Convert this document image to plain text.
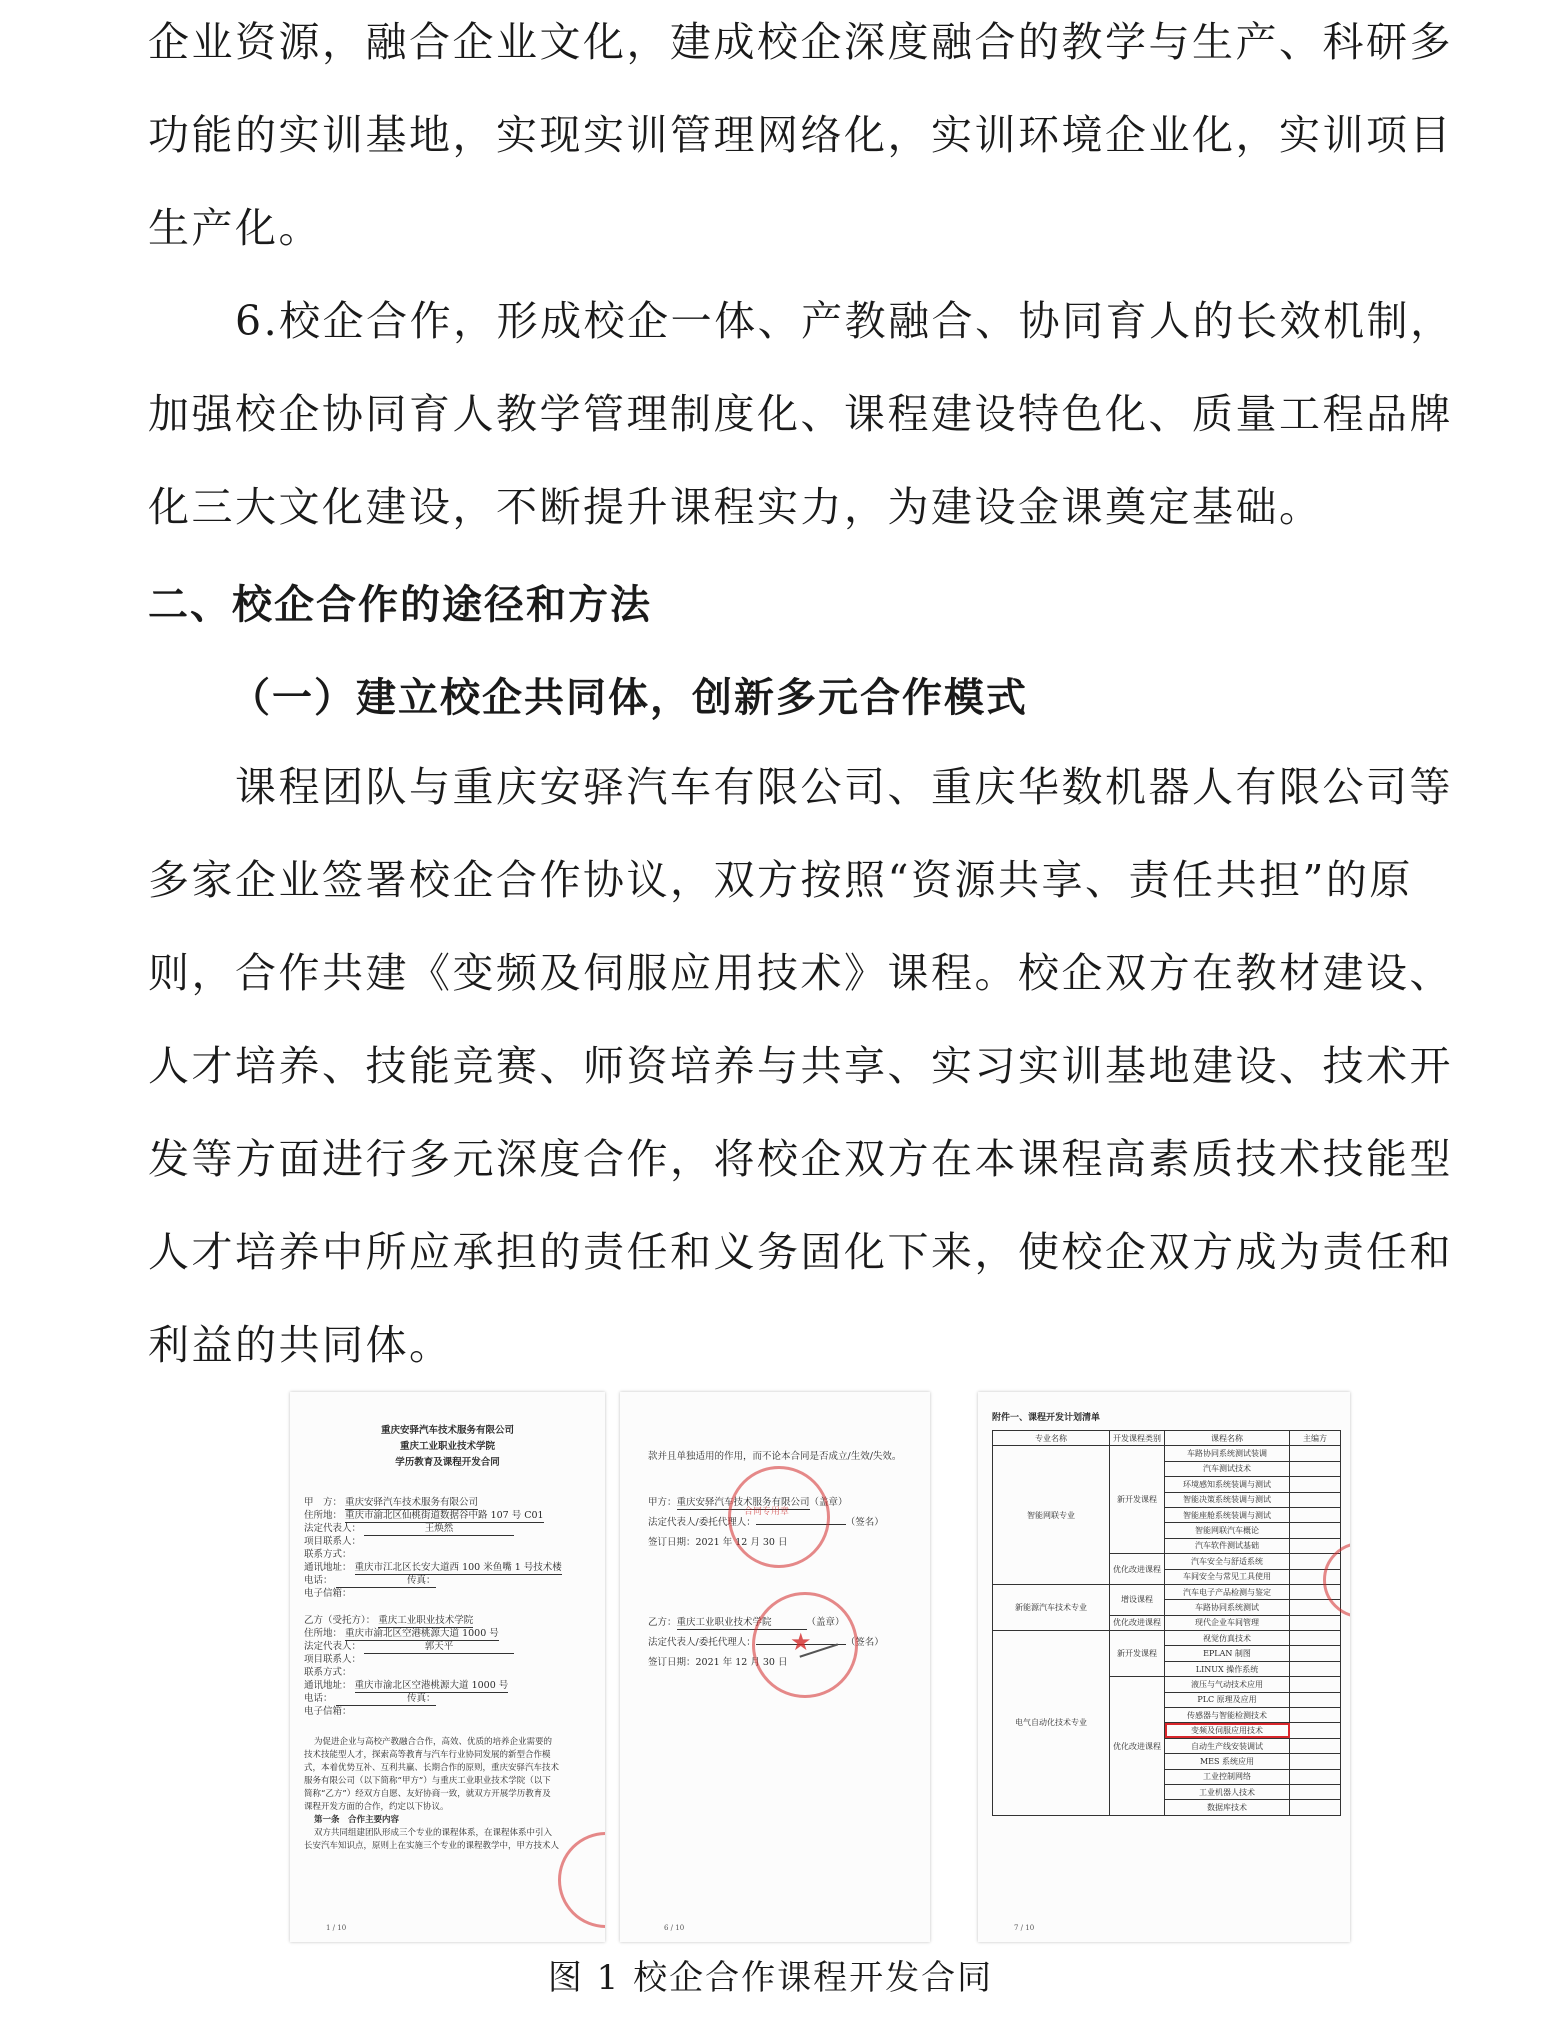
企业资源，融合企业文化，建成校企深度融合的教学与生产、科研多
功能的实训基地，实现实训管理网络化，实训环境企业化，实训项目
生产化。
　　6.校企合作，形成校企一体、产教融合、协同育人的长效机制，
加强校企协同育人教学管理制度化、课程建设特色化、质量工程品牌
化三大文化建设，不断提升课程实力，为建设金课奠定基础。
二、校企合作的途径和方法
（一）建立校企共同体，创新多元合作模式
　　课程团队与重庆安驿汽车有限公司、重庆华数机器人有限公司等
多家企业签署校企合作协议，双方按照“资源共享、责任共担”的原
则，合作共建《变频及伺服应用技术》课程。校企双方在教材建设、
人才培养、技能竞赛、师资培养与共享、实习实训基地建设、技术开
发等方面进行多元深度合作，将校企双方在本课程高素质技术技能型
人才培养中所应承担的责任和义务固化下来，使校企双方成为责任和
利益的共同体。
重庆安驿汽车技术服务有限公司
重庆工业职业技术学院
学历教育及课程开发合同
甲　方： 重庆安驿汽车技术服务有限公司
住所地： 重庆市渝北区仙桃街道数据谷中路 107 号 C01
法定代表人：	王焕然
项目联系人：
联系方式：
通讯地址： 重庆市江北区长安大道西 100 米鱼嘴 1 号技术楼
电话：	传真：
电子信箱：
乙方（受托方）： 重庆工业职业技术学院
住所地： 重庆市渝北区空港桃源大道 1000 号
法定代表人：	郭天平
项目联系人：
联系方式：
通讯地址： 重庆市渝北区空港桃源大道 1000 号
电话：	传真：
电子信箱：
为促进企业与高校产教融合合作，高效、优质的培养企业需要的
技术技能型人才，探索高等教育与汽车行业协同发展的新型合作模
式，本着优势互补、互利共赢、长期合作的原则，重庆安驿汽车技术
服务有限公司（以下简称“甲方”）与重庆工业职业技术学院（以下
简称“乙方”）经双方自愿、友好协商一致，就双方开展学历教育及
课程开发方面的合作，约定以下协议。
第一条　合作主要内容
双方共同组建团队形成三个专业的课程体系，在课程体系中引入
长安汽车知识点，原则上在实施三个专业的课程教学中，甲方技术人
1 / 10
款并且单独适用的作用，而不论本合同是否成立/生效/失效。
甲方：重庆安驿汽车技术服务有限公司（盖章）
法定代表人/委托代理人：	（签名）
签订日期：2021 年 12 月 30 日
合同专用章
乙方：重庆工业职业技术学院	（盖章）
法定代表人/委托代理人：	（签名）
签订日期：2021 年 12 月 30 日
★
6 / 10
附件一、课程开发计划清单
专业名称	开发课程类别	课程名称	主编方
智能网联专业	新开发课程	车路协同系统测试装调	
		汽车测试技术	
		环境感知系统装调与测试	
		智能决策系统装调与测试	
		智能座舱系统装调与测试	
		智能网联汽车概论	
		汽车软件测试基础	
	优化改进课程	汽车安全与舒适系统	
		车间安全与常见工具使用	
新能源汽车技术专业	增设课程	汽车电子产品检测与鉴定	
		车路协同系统测试	
	优化改进课程	现代企业车间管理	
电气自动化技术专业	新开发课程	视觉仿真技术	
		EPLAN 制图	
		LINUX 操作系统	
	优化改进课程	液压与气动技术应用	
		PLC 原理及应用	
		传感器与智能检测技术	
		变频及伺服应用技术	
		自动生产线安装调试	
		MES 系统应用	
		工业控制网络	
		工业机器人技术	
		数据库技术	
7 / 10
图 1 校企合作课程开发合同
